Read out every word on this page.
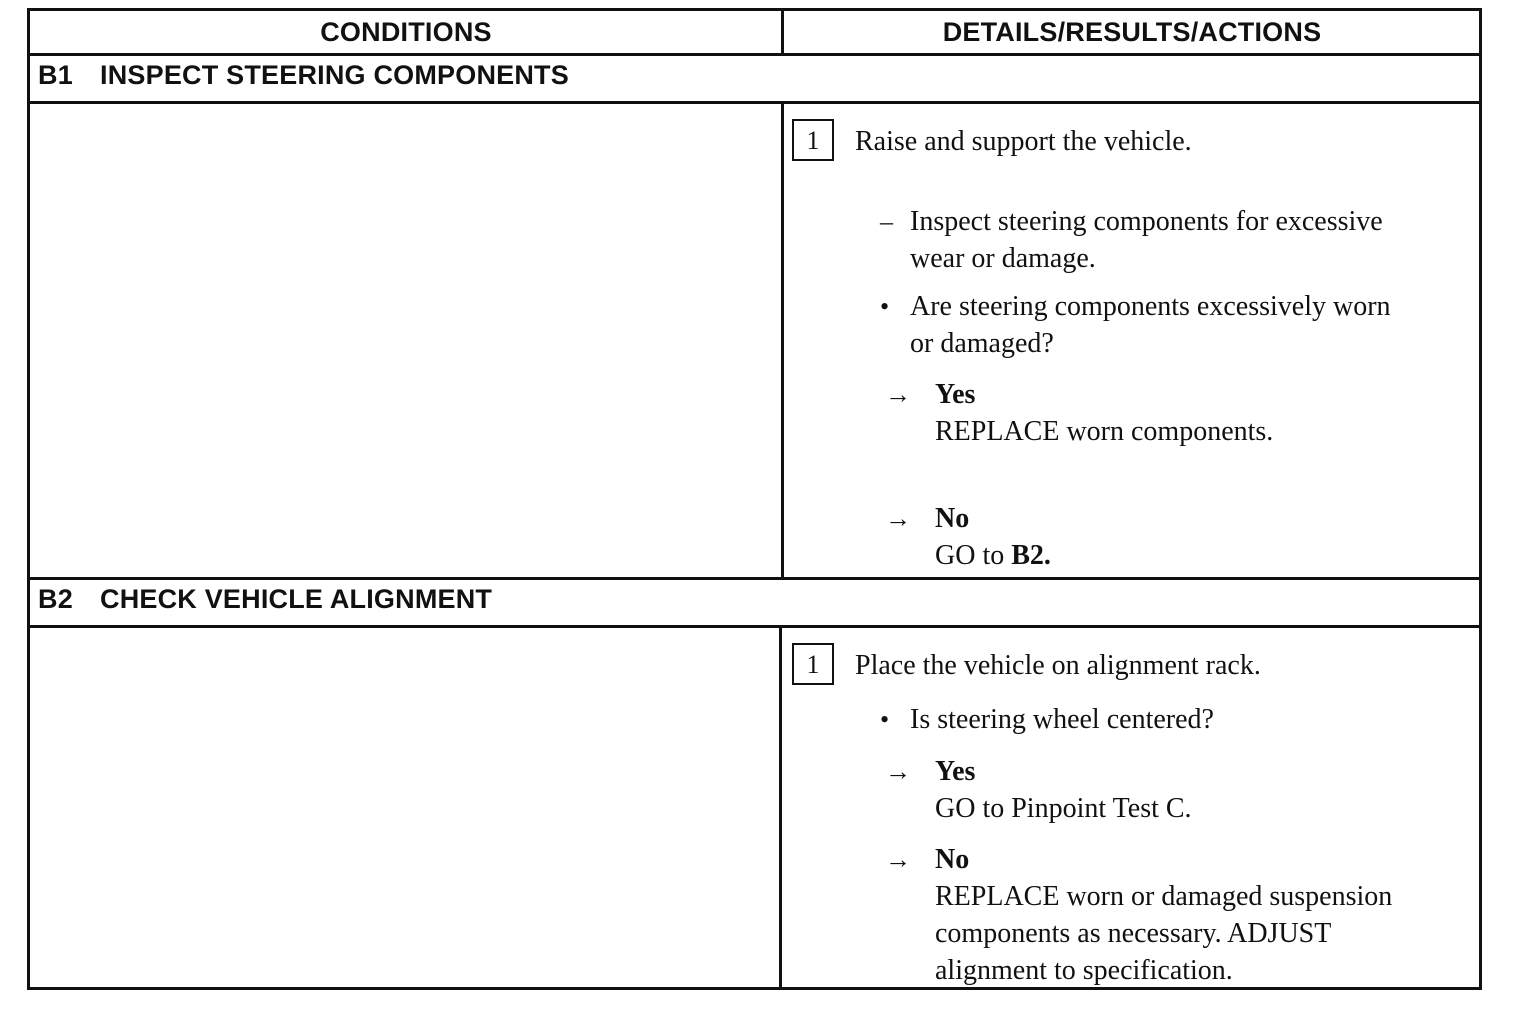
CONDITIONS	DETAILS/RESULTS/ACTIONS
B1 INSPECT STEERING COMPONENTS
1	Raise and support the vehicle.
– Inspect steering components for excessive
wear or damage.
• Are steering components excessively worn
or damaged?
→ Yes
REPLACE worn components.
→ No
GO to B2.
B2 CHECK VEHICLE ALIGNMENT
1	Place the vehicle on alignment rack.
• Is steering wheel centered?
→ Yes
GO to Pinpoint Test C.
→ No
REPLACE worn or damaged suspension
components as necessary. ADJUST
alignment to specification.
